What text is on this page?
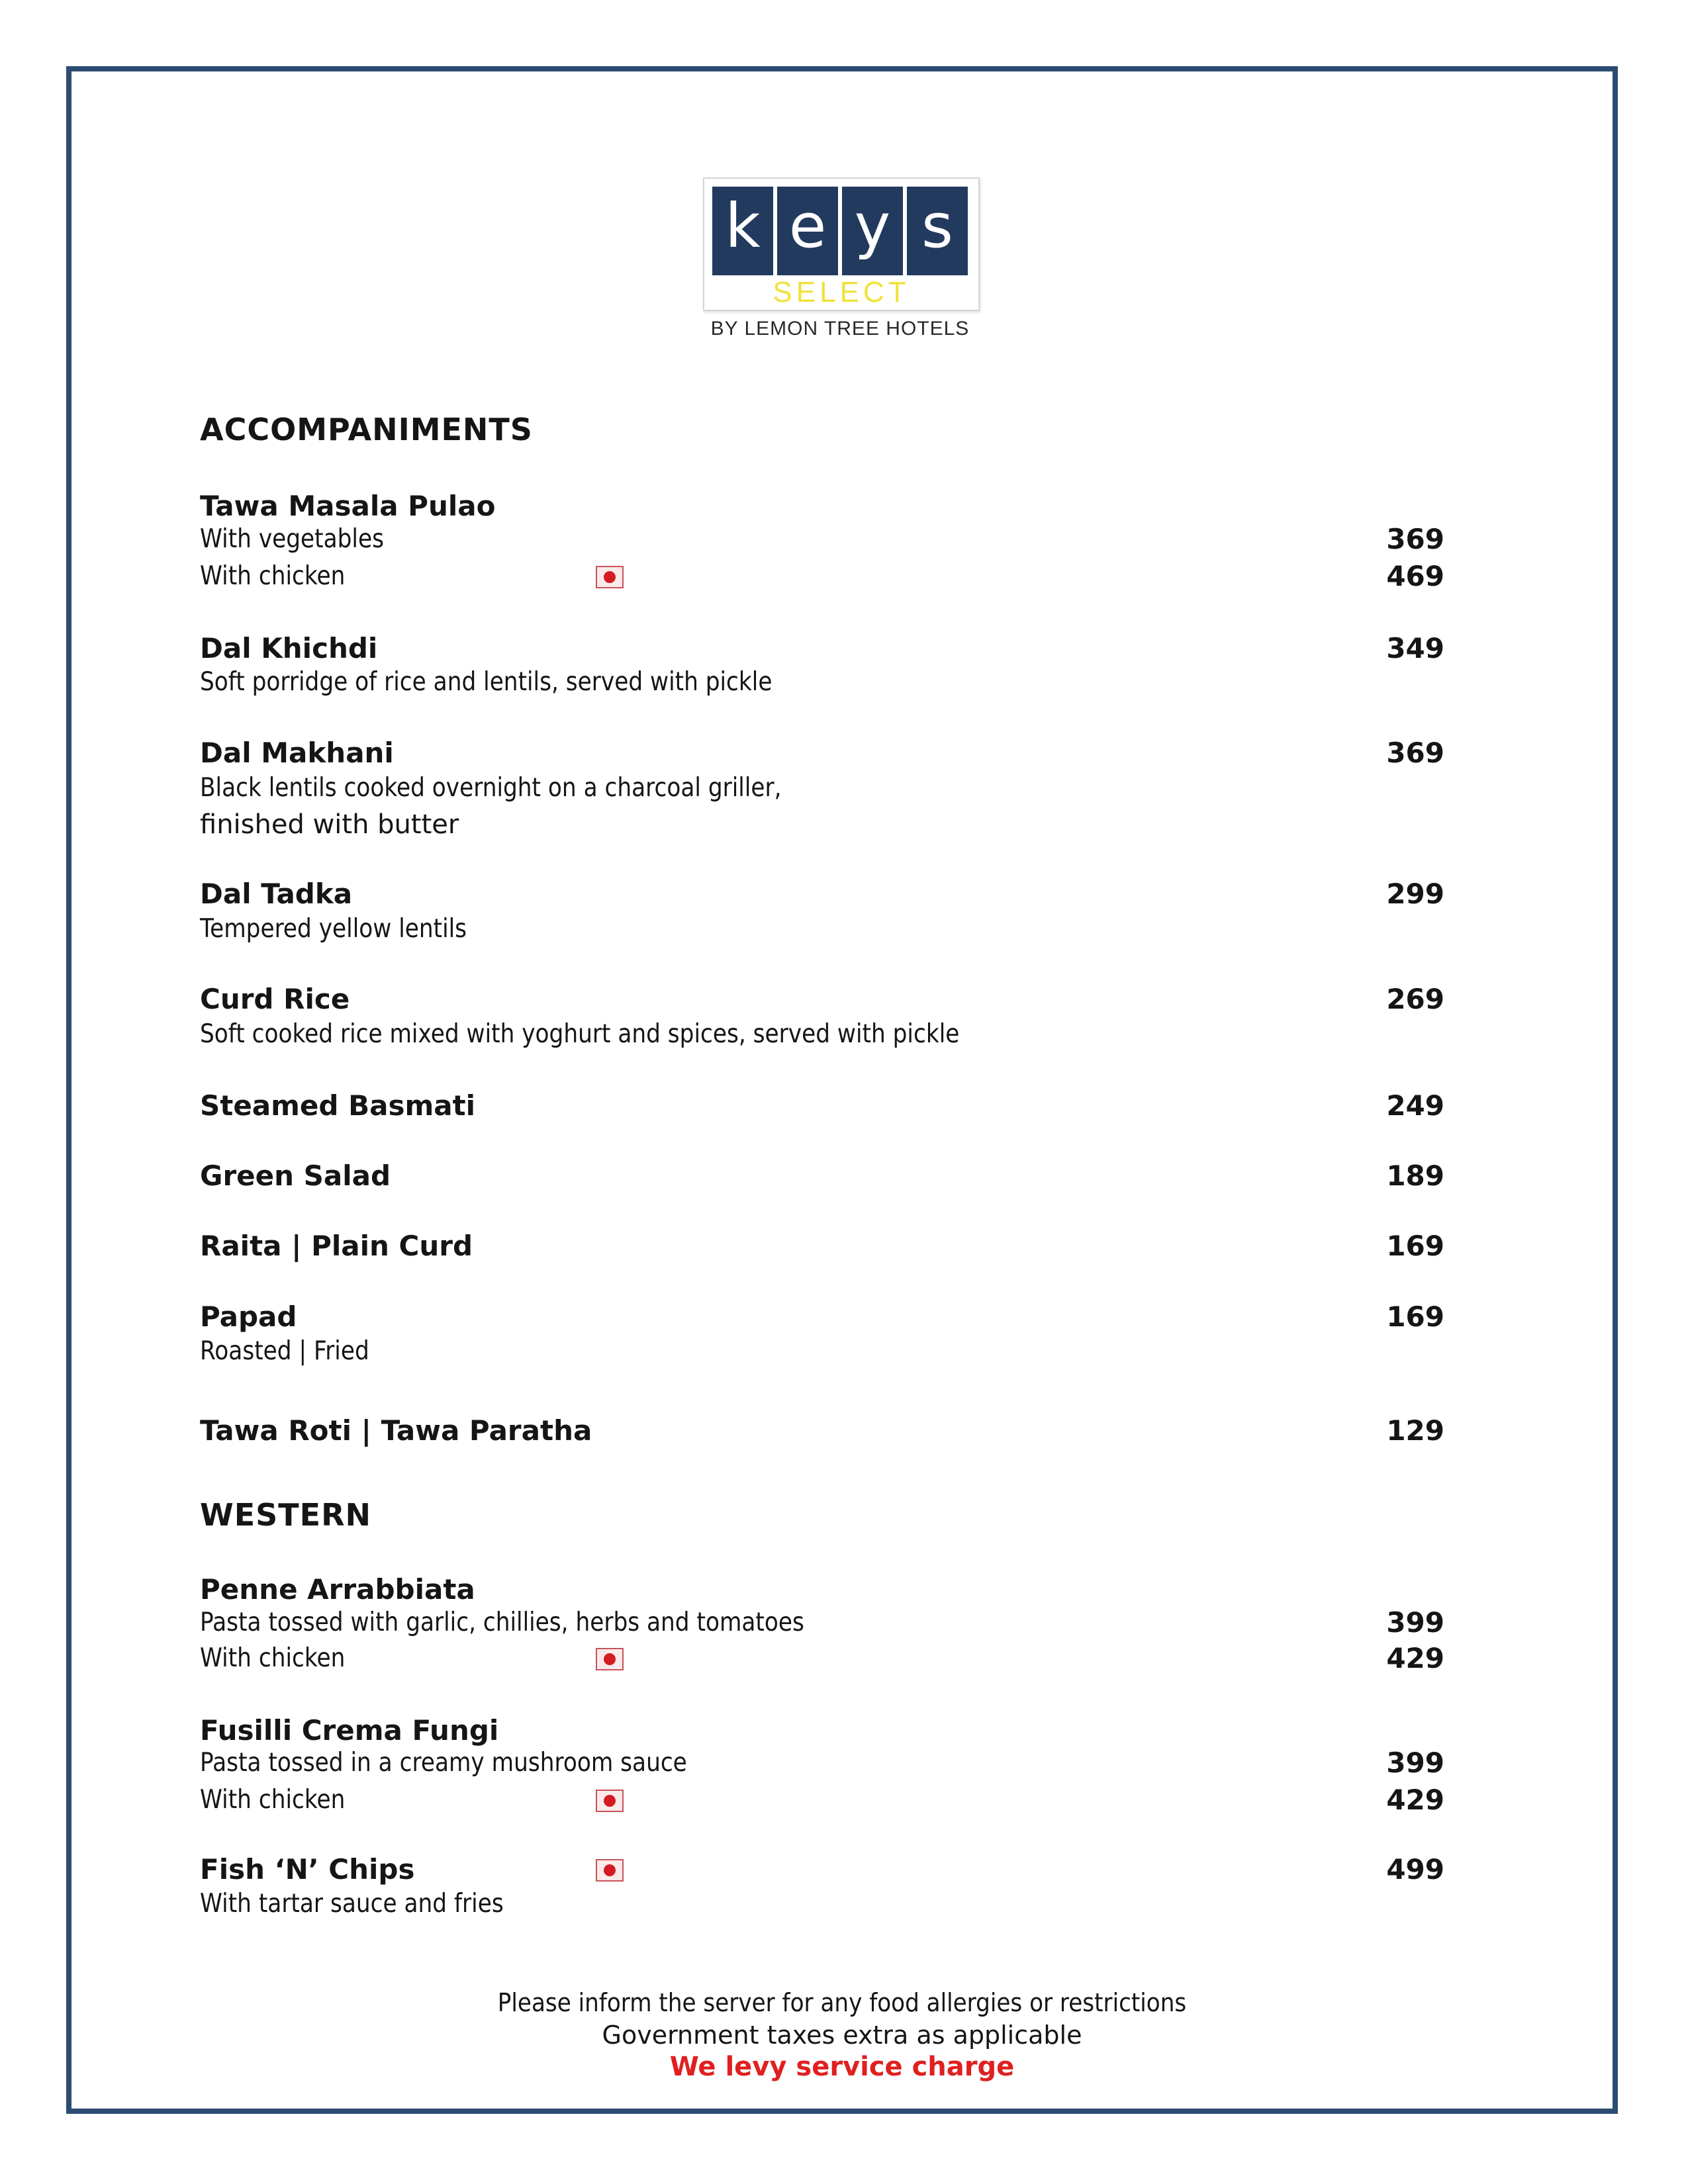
k e y s
SELECT
BY LEMON TREE HOTELS
ACCOMPANIMENTS
Tawa Masala Pulao
With vegetables	369
With chicken	469
Dal Khichdi	349
Soft porridge of rice and lentils, served with pickle
Dal Makhani	369
Black lentils cooked overnight on a charcoal griller,
finished with butter
Dal Tadka	299
Tempered yellow lentils
Curd Rice	269
Soft cooked rice mixed with yoghurt and spices, served with pickle
Steamed Basmati	249
Green Salad	189
Raita | Plain Curd	169
Papad	169
Roasted | Fried
Tawa Roti | Tawa Paratha	129
WESTERN
Penne Arrabbiata
Pasta tossed with garlic, chillies, herbs and tomatoes	399
With chicken	429
Fusilli Crema Fungi
Pasta tossed in a creamy mushroom sauce	399
With chicken	429
Fish ‘N’ Chips	499
With tartar sauce and fries
Please inform the server for any food allergies or restrictions
Government taxes extra as applicable
We levy service charge
